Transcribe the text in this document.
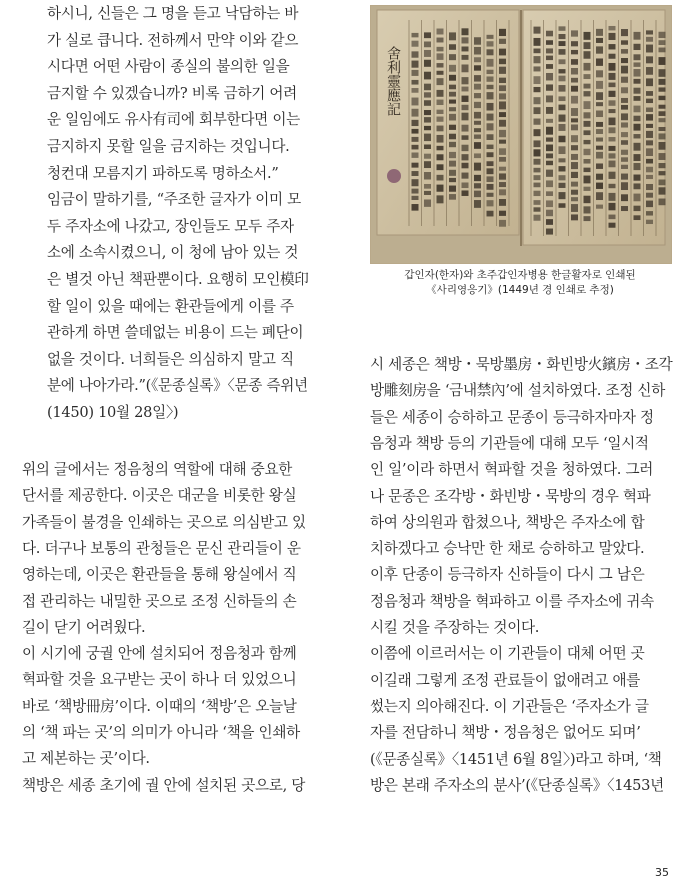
하시니, 신들은 그 명을 듣고 낙담하는 바
가 실로 큽니다. 전하께서 만약 이와 같으
시다면 어떤 사람이 종실의 불의한 일을
금지할 수 있겠습니까? 비록 금하기 어려
운 일임에도 유사有司에 회부한다면 이는
금지하지 못할 일을 금지하는 것입니다.
청컨대 모름지기 파하도록 명하소서.”
임금이 말하기를, “주조한 글자가 이미 모
두 주자소에 나갔고, 장인들도 모두 주자
소에 소속시켰으니, 이 청에 남아 있는 것
은 별것 아닌 책판뿐이다. 요행히 모인模印
할 일이 있을 때에는 환관들에게 이를 주
관하게 하면 쓸데없는 비용이 드는 폐단이
없을 것이다. 너희들은 의심하지 말고 직
분에 나아가라.”(《문종실록》〈문종 즉위년
(1450) 10월 28일〉)
위의 글에서는 정음청의 역할에 대해 중요한
단서를 제공한다. 이곳은 대군을 비롯한 왕실
가족들이 불경을 인쇄하는 곳으로 의심받고 있
다. 더구나 보통의 관청들은 문신 관리들이 운
영하는데, 이곳은 환관들을 통해 왕실에서 직
접 관리하는 내밀한 곳으로 조정 신하들의 손
길이 닫기 어려웠다.
이 시기에 궁궐 안에 설치되어 정음청과 함께
혁파할 것을 요구받는 곳이 하나 더 있었으니
바로 ‘책방冊房’이다. 이때의 ‘책방’은 오늘날
의 ‘책 파는 곳’의 의미가 아니라 ‘책을 인쇄하
고 제본하는 곳’이다.
책방은 세종 초기에 궐 안에 설치된 곳으로, 당
舍利靈應記
갑인자(한자)와 초주갑인자병용 한글활자로 인쇄된
《사리영응기》(1449년 경 인쇄로 추정)
시 세종은 책방・묵방墨房・화빈방火鑌房・조각
방雕刻房을 ‘금내禁內’에 설치하였다. 조정 신하
들은 세종이 승하하고 문종이 등극하자마자 정
음청과 책방 등의 기관들에 대해 모두 ‘일시적
인 일’이라 하면서 혁파할 것을 청하였다. 그러
나 문종은 조각방・화빈방・묵방의 경우 혁파
하여 상의원과 합쳤으나, 책방은 주자소에 합
치하겠다고 승낙만 한 채로 승하하고 말았다.
이후 단종이 등극하자 신하들이 다시 그 남은
정음청과 책방을 혁파하고 이를 주자소에 귀속
시킬 것을 주장하는 것이다.
이쯤에 이르러서는 이 기관들이 대체 어떤 곳
이길래 그렇게 조정 관료들이 없애려고 애를
썼는지 의아해진다. 이 기관들은 ‘주자소가 글
자를 전담하니 책방・정음청은 없어도 되며’
(《문종실록》〈1451년 6월 8일〉)라고 하며, ‘책
방은 본래 주자소의 분사’(《단종실록》〈1453년
35
